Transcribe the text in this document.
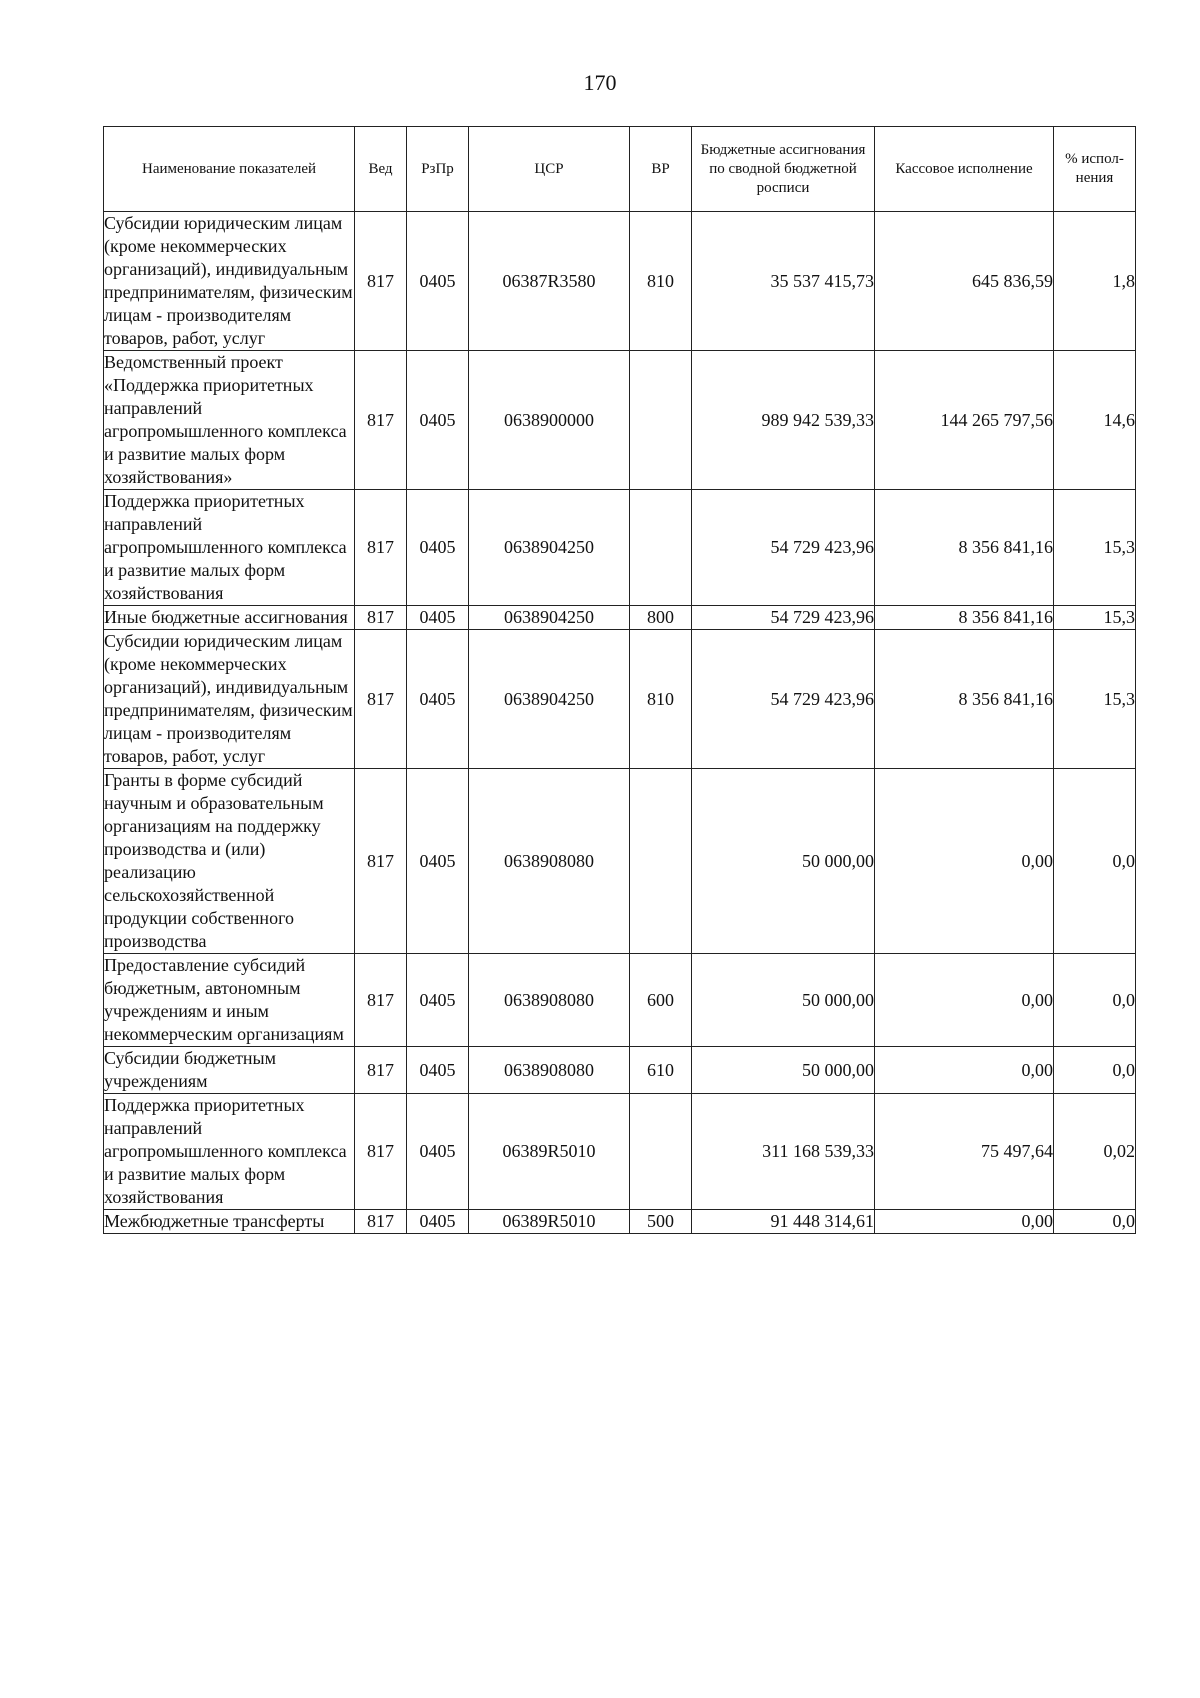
170
Наименование показателей	Вед	РзПр	ЦСР	ВР	Бюджетные ассигнования по сводной бюджетной росписи	Кассовое исполнение	% испол-нения
Субсидии юридическим лицам (кроме некоммерческих организаций), индивидуальным предпринимателям, физическим лицам - производителям товаров, работ, услуг	817	0405	06387R3580	810	35 537 415,73	645 836,59	1,8
Ведомственный проект «Поддержка приоритетных направлений агропромышленного комплекса и развитие малых форм хозяйствования»	817	0405	0638900000		989 942 539,33	144 265 797,56	14,6
Поддержка приоритетных направлений агропромышленного комплекса и развитие малых форм хозяйствования	817	0405	0638904250		54 729 423,96	8 356 841,16	15,3
Иные бюджетные ассигнования	817	0405	0638904250	800	54 729 423,96	8 356 841,16	15,3
Субсидии юридическим лицам (кроме некоммерческих организаций), индивидуальным предпринимателям, физическим лицам - производителям товаров, работ, услуг	817	0405	0638904250	810	54 729 423,96	8 356 841,16	15,3
Гранты в форме субсидий научным и образовательным организациям на поддержку производства и (или) реализацию сельскохозяйственной продукции собственного производства	817	0405	0638908080		50 000,00	0,00	0,0
Предоставление субсидий бюджетным, автономным учреждениям и иным некоммерческим организациям	817	0405	0638908080	600	50 000,00	0,00	0,0
Субсидии бюджетным учреждениям	817	0405	0638908080	610	50 000,00	0,00	0,0
Поддержка приоритетных направлений агропромышленного комплекса и развитие малых форм хозяйствования	817	0405	06389R5010		311 168 539,33	75 497,64	0,02
Межбюджетные трансферты	817	0405	06389R5010	500	91 448 314,61	0,00	0,0
